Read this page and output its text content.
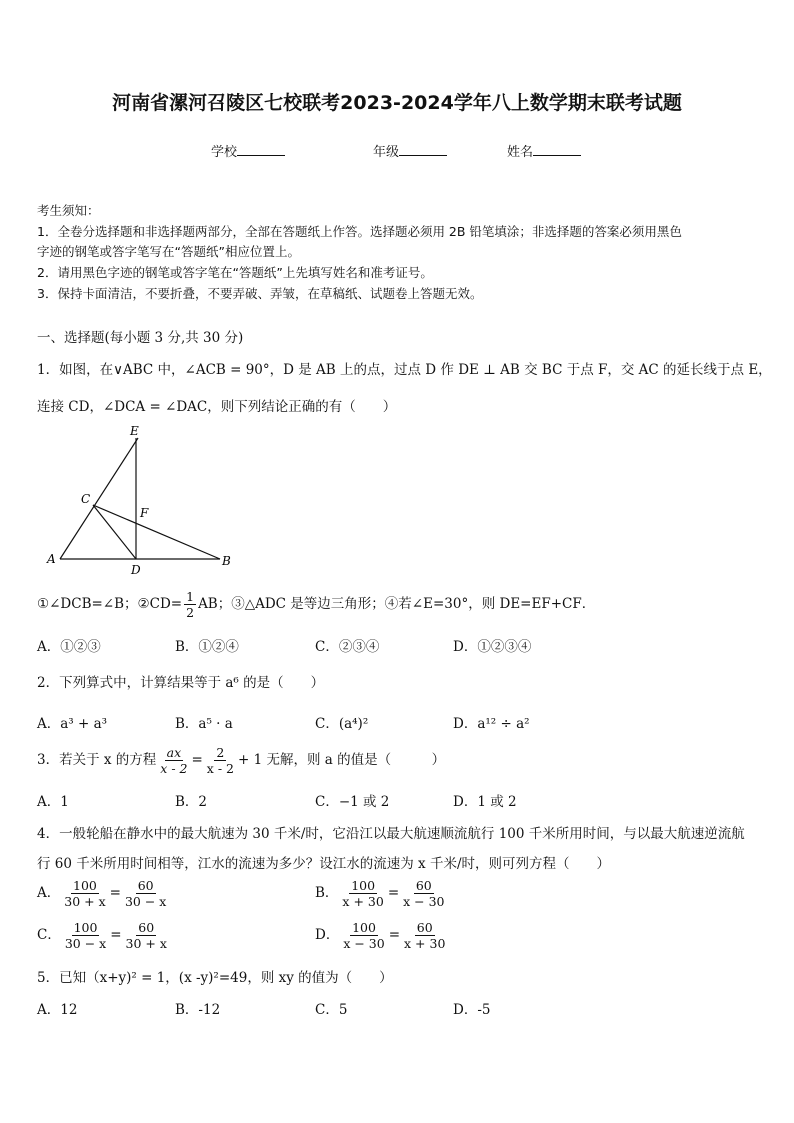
河南省漯河召陵区七校联考2023-2024学年八上数学期末联考试题
学校	年级	姓名
考生须知：
1．全卷分选择题和非选择题两部分，全部在答题纸上作答。选择题必须用 2B 铅笔填涂；非选择题的答案必须用黑色
字迹的钢笔或答字笔写在“答题纸”相应位置上。
2．请用黑色字迹的钢笔或答字笔在“答题纸”上先填写姓名和准考证号。
3．保持卡面清洁，不要折叠，不要弄破、弄皱，在草稿纸、试题卷上答题无效。
一、选择题(每小题 3 分,共 30 分)
1．如图，在∨ABC 中，∠ACB = 90°，D 是 AB 上的点，过点 D 作 DE ⊥ AB 交 BC 于点 F，交 AC 的延长线于点 E，
连接 CD，∠DCA = ∠DAC，则下列结论正确的有（　　）
E
C
F
A
D
B
①∠DCB=∠B；②CD= $\frac{1}{2}$ AB；③△ADC 是等边三角形；④若∠E=30°，则 DE=EF+CF．
A．①②③	B．①②④	C．②③④	D．①②③④
2．下列算式中，计算结果等于 a⁶ 的是（　　）
A．a³ + a³	B．a⁵ · a	C．(a⁴)²	D．a¹² ÷ a²
3．若关于 x 的方程 $\frac{ax}{x - 2} = \frac{2}{x - 2} + 1$ 无解，则 a 的值是（　　　）
A．1	B．2	C．−1 或 2	D．1 或 2
4．一般轮船在静水中的最大航速为 30 千米/时，它沿江以最大航速顺流航行 100 千米所用时间，与以最大航速逆流航
行 60 千米所用时间相等，江水的流速为多少？设江水的流速为 x 千米/时，则可列方程（　　）
A． $\frac{100}{30 + x} = \frac{60}{30 - x}$	B． $\frac{100}{x + 30} = \frac{60}{x - 30}$
C． $\frac{100}{30 - x} = \frac{60}{30 + x}$	D． $\frac{100}{x - 30} = \frac{60}{x + 30}$
5．已知（x+y)² = 1，(x -y)²=49，则 xy 的值为（　　）
A．12	B．-12	C．5	D．-5
